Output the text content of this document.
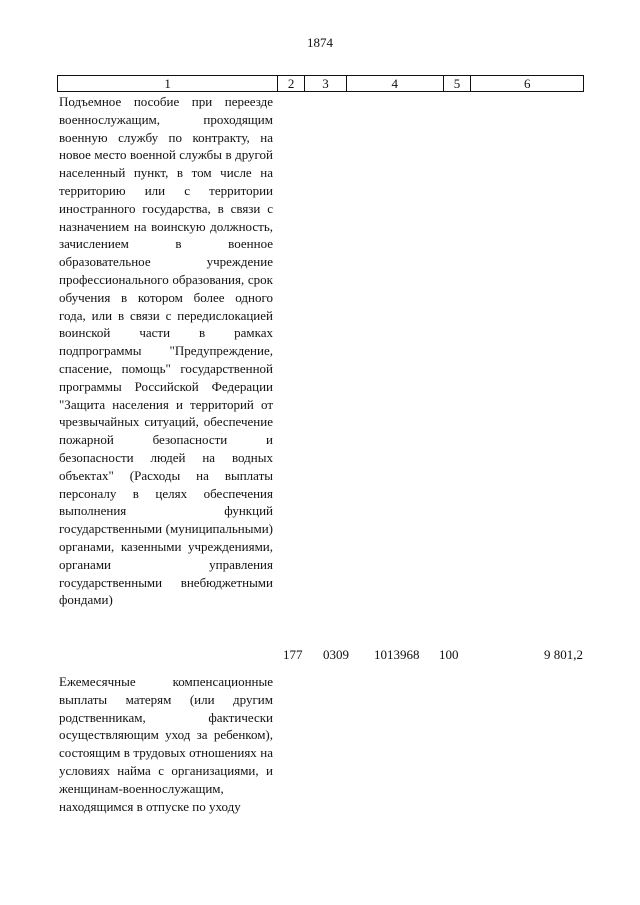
1874
1	2	3	4	5	6
Подъемное пособие при переезде военнослужащим, проходящим военную службу по контракту, на новое место военной службы в другой населенный пункт, в том числе на территорию или с территории иностранного государства, в связи с назначением на воинскую должность, зачислением в военное образовательное учреждение профессионального образования, срок обучения в котором более одного года, или в связи с передислокацией воинской части в рамках подпрограммы "Предупреждение, спасение, помощь" государственной программы Российской Федерации "Защита населения и территорий от чрезвычайных ситуаций, обеспечение пожарной безопасности и безопасности людей на водных объектах" (Расходы на выплаты персоналу в целях обеспечения выполнения функций государственными (муниципальными) органами, казенными учреждениями, органами управления государственными внебюджетными фондами)
177 0309 1013968 100	9 801,2
Ежемесячные компенсационные выплаты матерям (или другим родственникам, фактически осуществляющим уход за ребенком), состоящим в трудовых отношениях на условиях найма с организациями, и женщинам-военнослужащим, находящимся в отпуске по уходу
